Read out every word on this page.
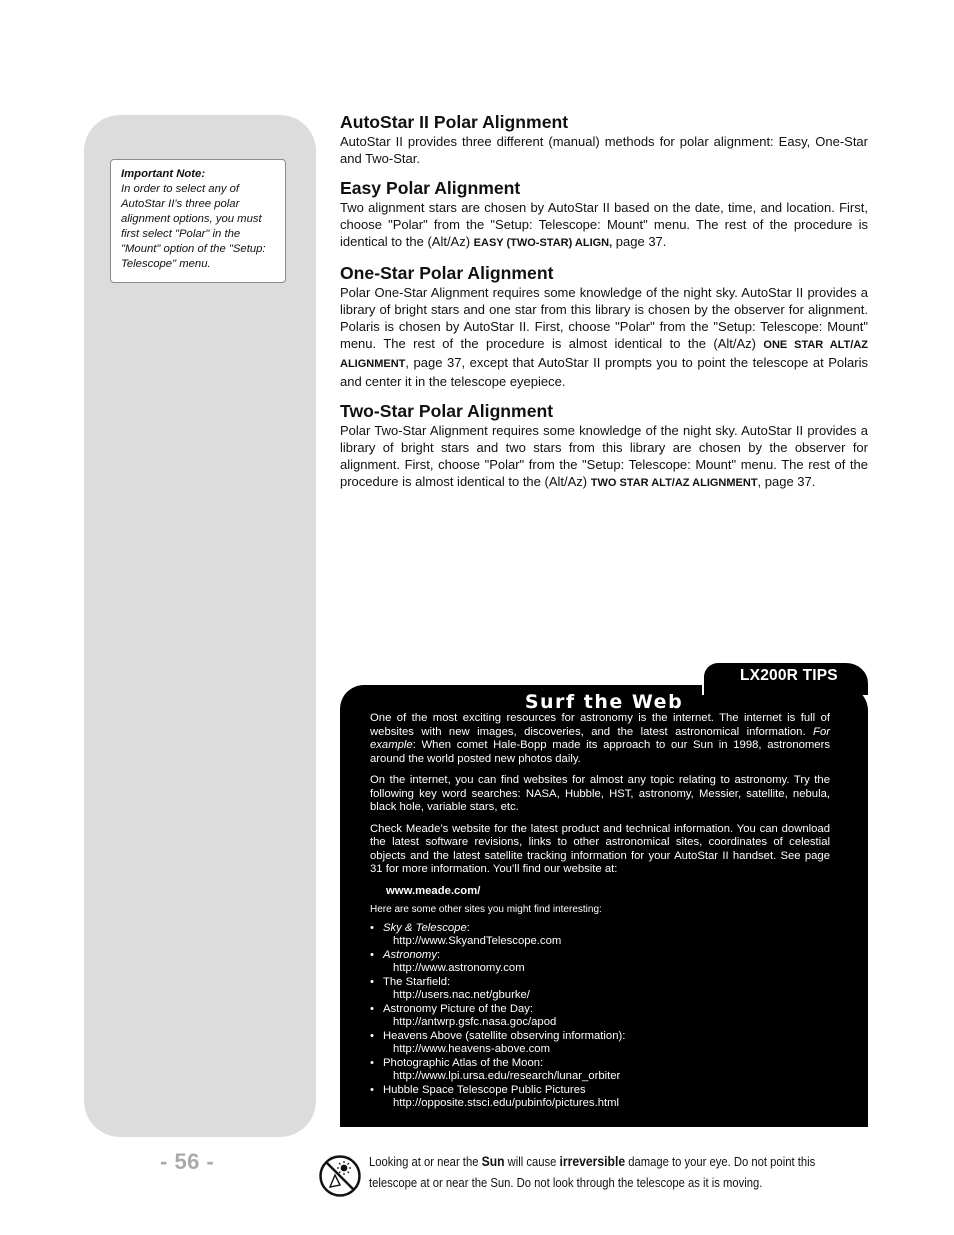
Important Note:
In order to select any of AutoStar II's three polar alignment options, you must first select "Polar" in the "Mount" option of the "Setup: Telescope" menu.
AutoStar II Polar Alignment

AutoStar II provides three different (manual) methods for polar alignment: Easy, One-Star and Two-Star.

Easy Polar Alignment

Two alignment stars are chosen by AutoStar II based on the date, time, and location. First, choose "Polar" from the "Setup: Telescope: Mount" menu. The rest of the procedure is identical to the (Alt/Az) EASY (TWO-STAR) ALIGN, page 37.

One-Star Polar Alignment

Polar One-Star Alignment requires some knowledge of the night sky. AutoStar II provides a library of bright stars and one star from this library is chosen by the observer for alignment. Polaris is chosen by AutoStar II. First, choose "Polar" from the "Setup: Telescope: Mount" menu. The rest of the procedure is almost identical to the (Alt/Az) ONE STAR ALT/AZ ALIGNMENT, page 37, except that AutoStar II prompts you to point the telescope at Polaris and center it in the telescope eyepiece.

Two-Star Polar Alignment

Polar Two-Star Alignment requires some knowledge of the night sky. AutoStar II provides a library of bright stars and two stars from this library are chosen by the observer for alignment. First, choose "Polar" from the "Setup: Telescope: Mount" menu. The rest of the procedure is almost identical to the (Alt/Az) TWO STAR ALT/AZ ALIGNMENT, page 37.

LX200R TIPS
Surf the Web

One of the most exciting resources for astronomy is the internet. The internet is full of websites with new images, discoveries, and the latest astronomical information. For example: When comet Hale-Bopp made its approach to our Sun in 1998, astronomers around the world posted new photos daily.

On the internet, you can find websites for almost any topic relating to astronomy. Try the following key word searches: NASA, Hubble, HST, astronomy, Messier, satellite, nebula, black hole, variable stars, etc.

Check Meade’s website for the latest product and technical information. You can download the latest software revisions, links to other astronomical sites, coordinates of celestial objects and the latest satellite tracking information for your AutoStar II handset. See page 31 for more information. You’ll find our website at:

www.meade.com/

Here are some other sites you might find interesting:

• Sky & Telescope:
http://www.SkyandTelescope.com
• Astronomy:
http://www.astronomy.com
• The Starfield:
http://users.nac.net/gburke/
• Astronomy Picture of the Day:
http://antwrp.gsfc.nasa.goc/apod
• Heavens Above (satellite observing information):
http://www.heavens-above.com
• Photographic Atlas of the Moon:
http://www.lpi.ursa.edu/research/lunar_orbiter
• Hubble Space Telescope Public Pictures
http://opposite.stsci.edu/pubinfo/pictures.html
- 56 -	Looking at or near the Sun will cause irreversible damage to your eye. Do not point this telescope at or near the Sun. Do not look through the telescope as it is moving.
